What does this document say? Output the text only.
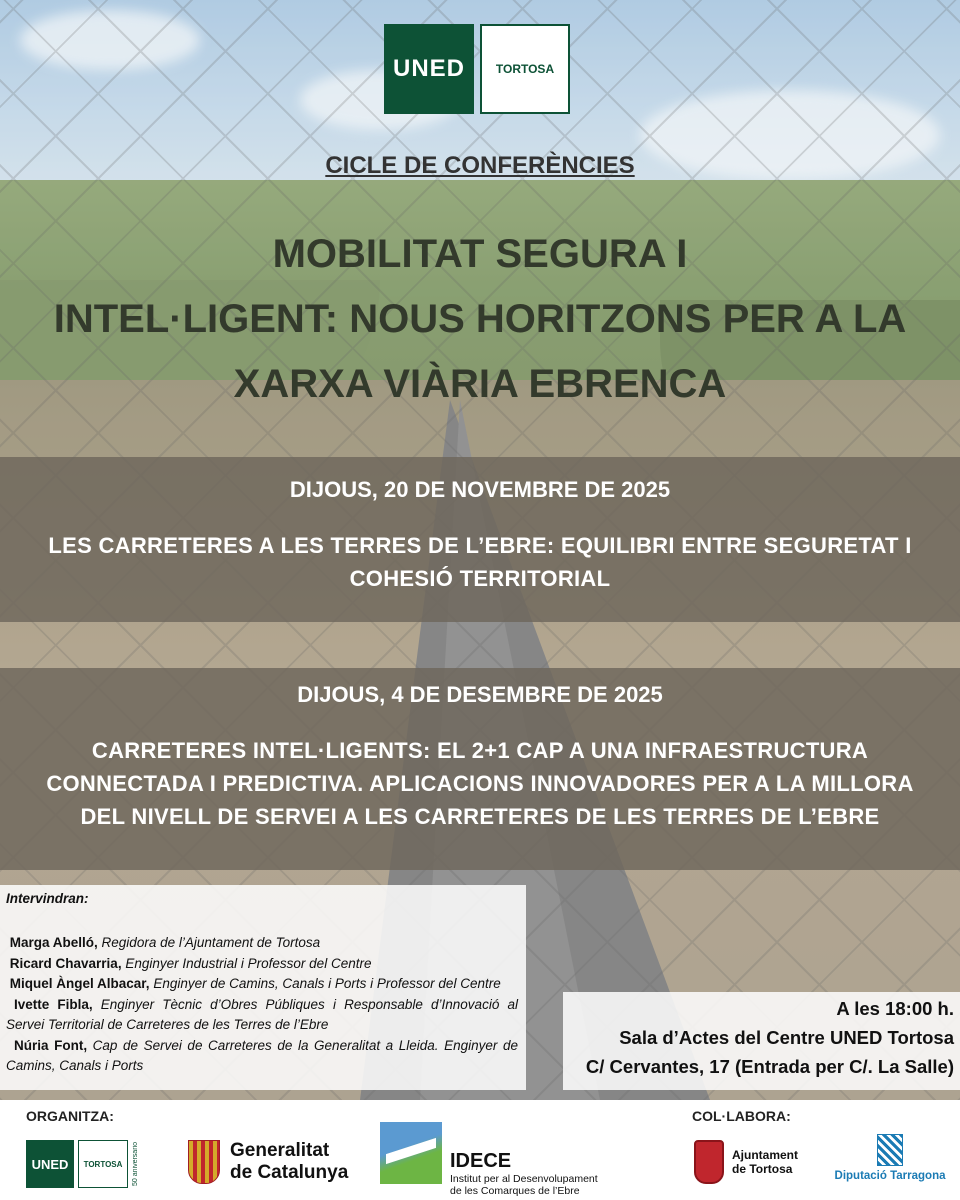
UNED	TORTOSA
CICLE DE CONFERÈNCIES
MOBILITAT SEGURA I
INTEL·LIGENT: NOUS HORITZONS PER A LA
XARXA VIÀRIA EBRENCA
DIJOUS, 20 DE NOVEMBRE DE 2025
LES CARRETERES A LES TERRES DE L’EBRE: EQUILIBRI ENTRE SEGURETAT I
COHESIÓ TERRITORIAL
DIJOUS, 4 DE DESEMBRE DE 2025
CARRETERES INTEL·LIGENTS: EL 2+1 CAP A UNA INFRAESTRUCTURA
CONNECTADA I PREDICTIVA. APLICACIONS INNOVADORES PER A LA MILLORA
DEL NIVELL DE SERVEI A LES CARRETERES DE LES TERRES DE L’EBRE
Intervindran:
Marga Abelló, Regidora de l’Ajuntament de Tortosa
Ricard Chavarria, Enginyer Industrial i Professor del Centre
Miquel Àngel Albacar, Enginyer de Camins, Canals i Ports i Professor del Centre
Ivette Fibla, Enginyer Tècnic d’Obres Públiques i Responsable d’Innovació al Servei Territorial de Carreteres de les Terres de l’Ebre
Núria Font, Cap de Servei de Carreteres de la Generalitat a Lleida. Enginyer de Camins, Canals i Ports
A les 18:00 h.
Sala d’Actes del Centre UNED Tortosa
C/ Cervantes, 17 (Entrada per C/. La Salle)
ORGANITZA:	COL·LABORA:
UNED	TORTOSA	50 aniversario	Generalitat
de Catalunya
IDECE
Institut per al Desenvolupament
de les Comarques de l’Ebre
Ajuntament
de Tortosa	Diputació Tarragona
